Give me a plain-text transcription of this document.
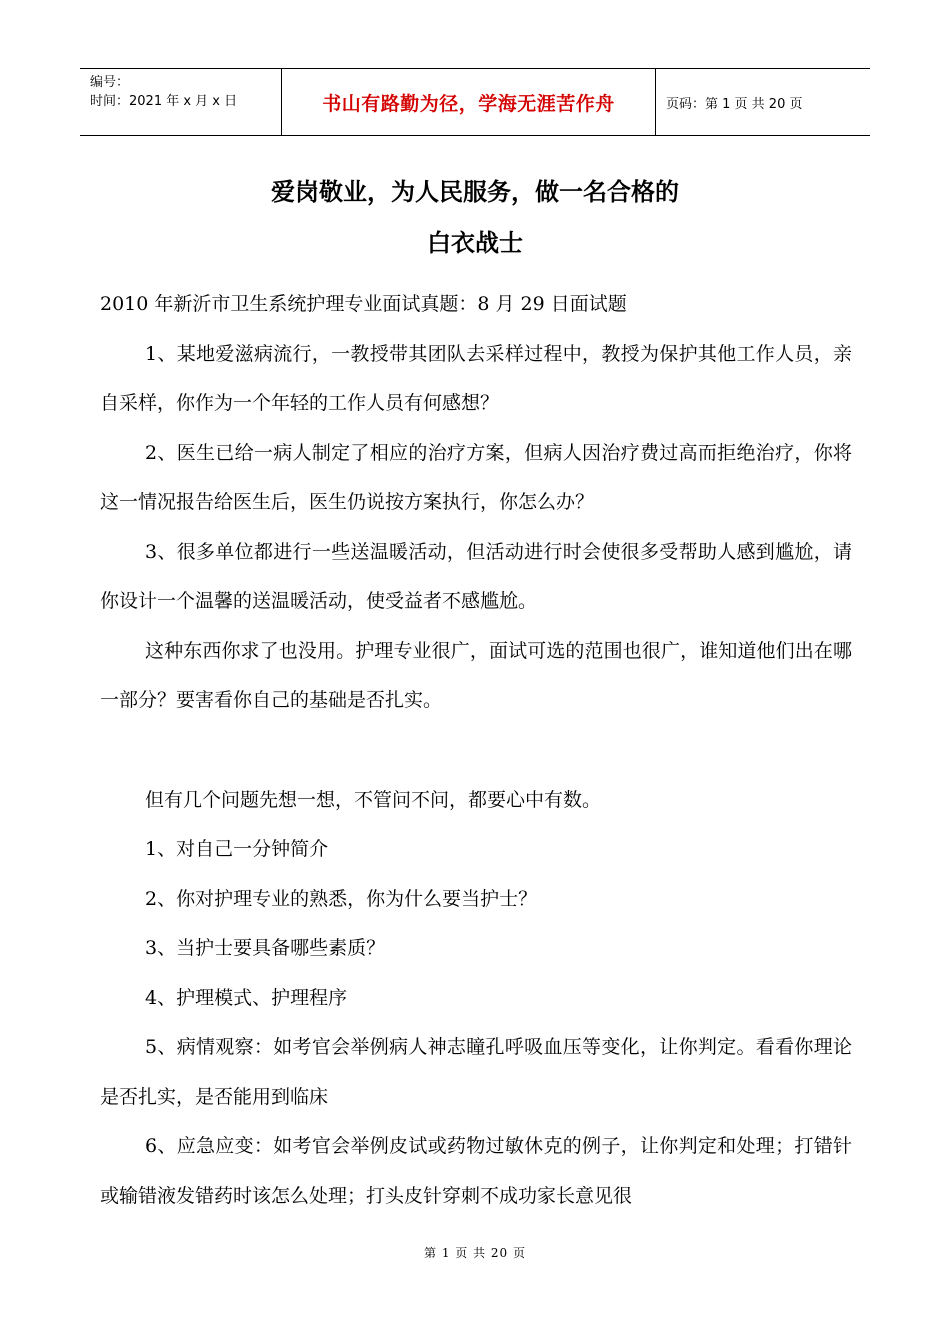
编号：
时间：2021 年 x 月 x 日	书山有路勤为径，学海无涯苦作舟	页码：第 1 页 共 20 页
爱岗敬业，为人民服务，做一名合格的
白衣战士

2010 年新沂市卫生系统护理专业面试真题：8 月 29 日面试题

1、某地爱滋病流行，一教授带其团队去采样过程中，教授为保护其他工作人员，亲自采样，你作为一个年轻的工作人员有何感想？

2、医生已给一病人制定了相应的治疗方案，但病人因治疗费过高而拒绝治疗，你将这一情况报告给医生后，医生仍说按方案执行，你怎么办？

3、很多单位都进行一些送温暖活动，但活动进行时会使很多受帮助人感到尴尬，请你设计一个温馨的送温暖活动，使受益者不感尴尬。

这种东西你求了也没用。护理专业很广，面试可选的范围也很广，谁知道他们出在哪一部分？要害看你自己的基础是否扎实。

但有几个问题先想一想，不管问不问，都要心中有数。

1、对自己一分钟简介

2、你对护理专业的熟悉，你为什么要当护士？

3、当护士要具备哪些素质？

4、护理模式、护理程序

5、病情观察：如考官会举例病人神志瞳孔呼吸血压等变化，让你判定。看看你理论是否扎实，是否能用到临床

6、应急应变：如考官会举例皮试或药物过敏休克的例子，让你判定和处理；打错针或输错液发错药时该怎么处理；打头皮针穿刺不成功家长意见很

第 1 页 共 20 页
